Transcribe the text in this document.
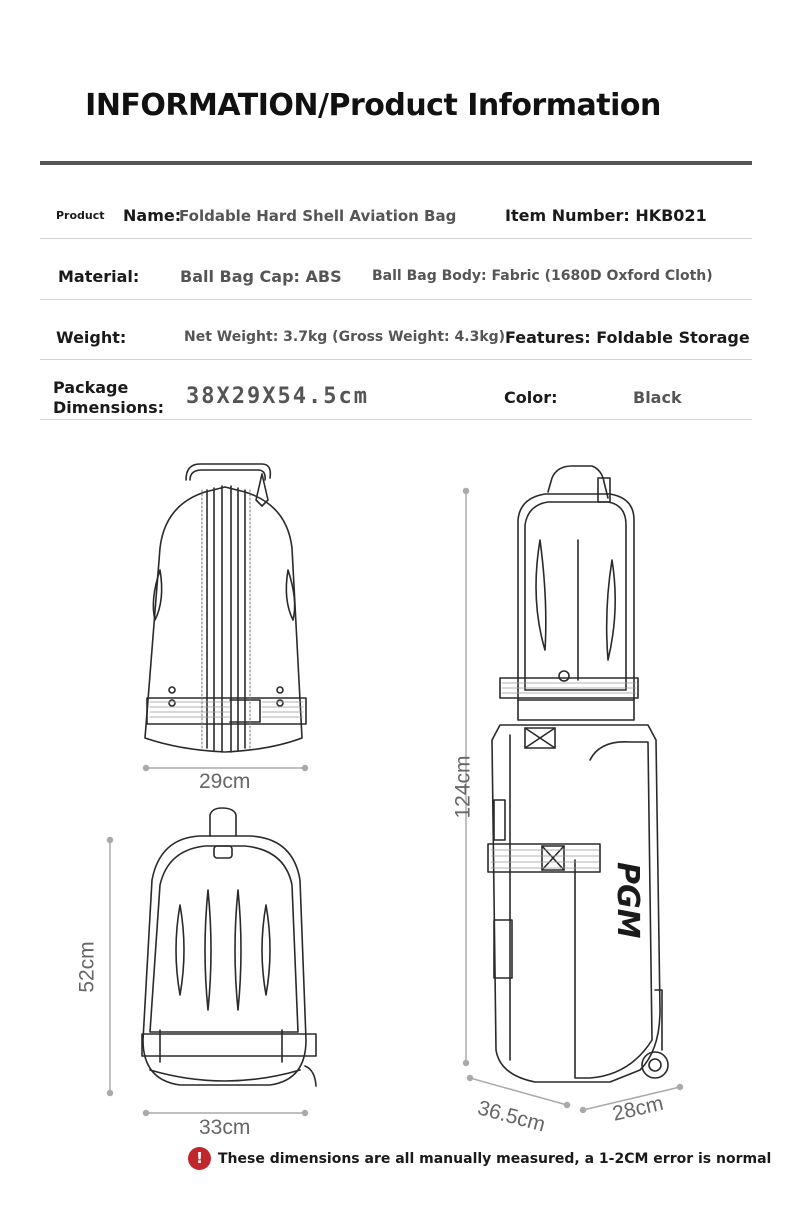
INFORMATION/Product Information
Product Name:
Foldable Hard Shell Aviation Bag	Item Number: HKB021
Material:	Ball Bag Cap: ABS Ball Bag Body: Fabric (1680D Oxford Cloth)
Weight:	Net Weight: 3.7kg (Gross Weight: 4.3kg) Features: Foldable Storage
Package
Dimensions: 38X29X54.5cm	Color:	Black
PGM
29cm
52cm
33cm
124cm
36.5cm	28cm
!	These dimensions are all manually measured, a 1-2CM error is normal
